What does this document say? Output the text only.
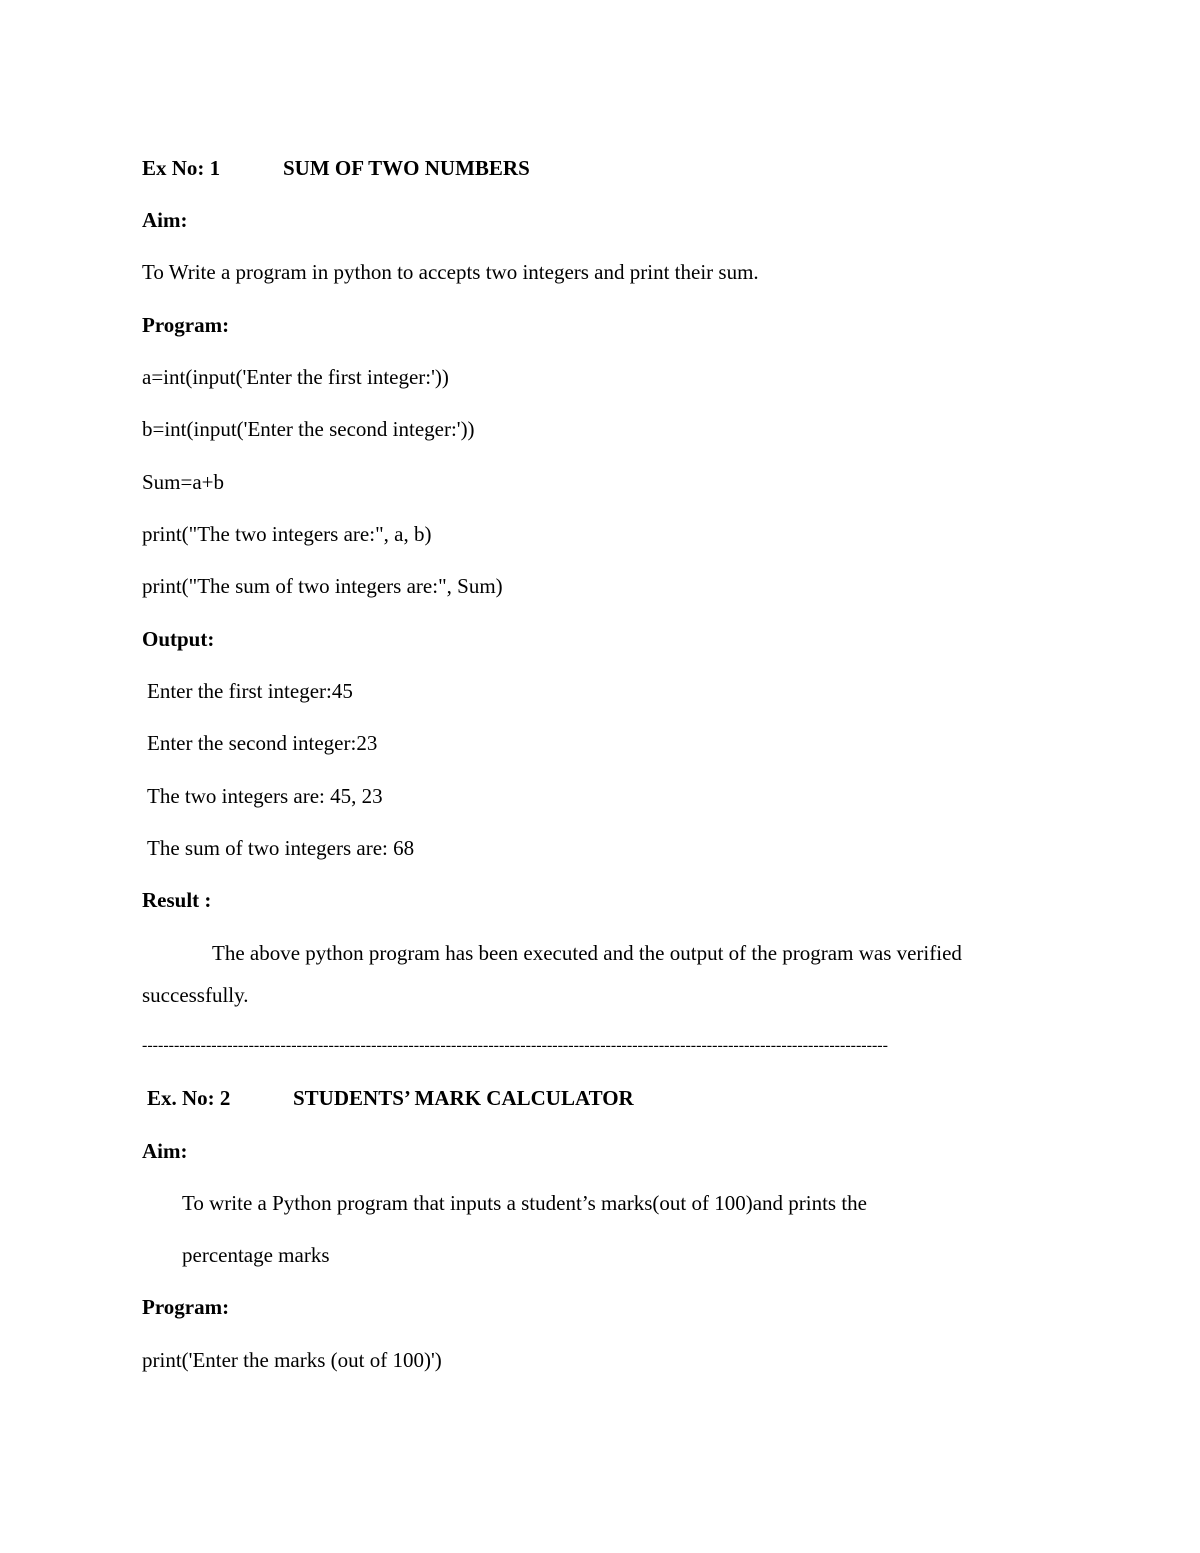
Ex No: 1	SUM OF TWO NUMBERS
Aim:
To Write a program in python to accepts two integers and print their sum.
Program:
a=int(input('Enter the first integer:'))
b=int(input('Enter the second integer:'))
Sum=a+b
print("The two integers are:", a, b)
print("The sum of two integers are:", Sum)
Output:
Enter the first integer:45
Enter the second integer:23
The two integers are: 45, 23
The sum of two integers are: 68
Result :
The above python program has been executed and the output of the program was verified
successfully.
--------------------------------------------------------------------------------------------------------------------------------------------
Ex. No: 2	STUDENTS’ MARK CALCULATOR
Aim:
To write a Python program that inputs a student’s marks(out of 100)and prints the
percentage marks
Program:
print('Enter the marks (out of 100)')
